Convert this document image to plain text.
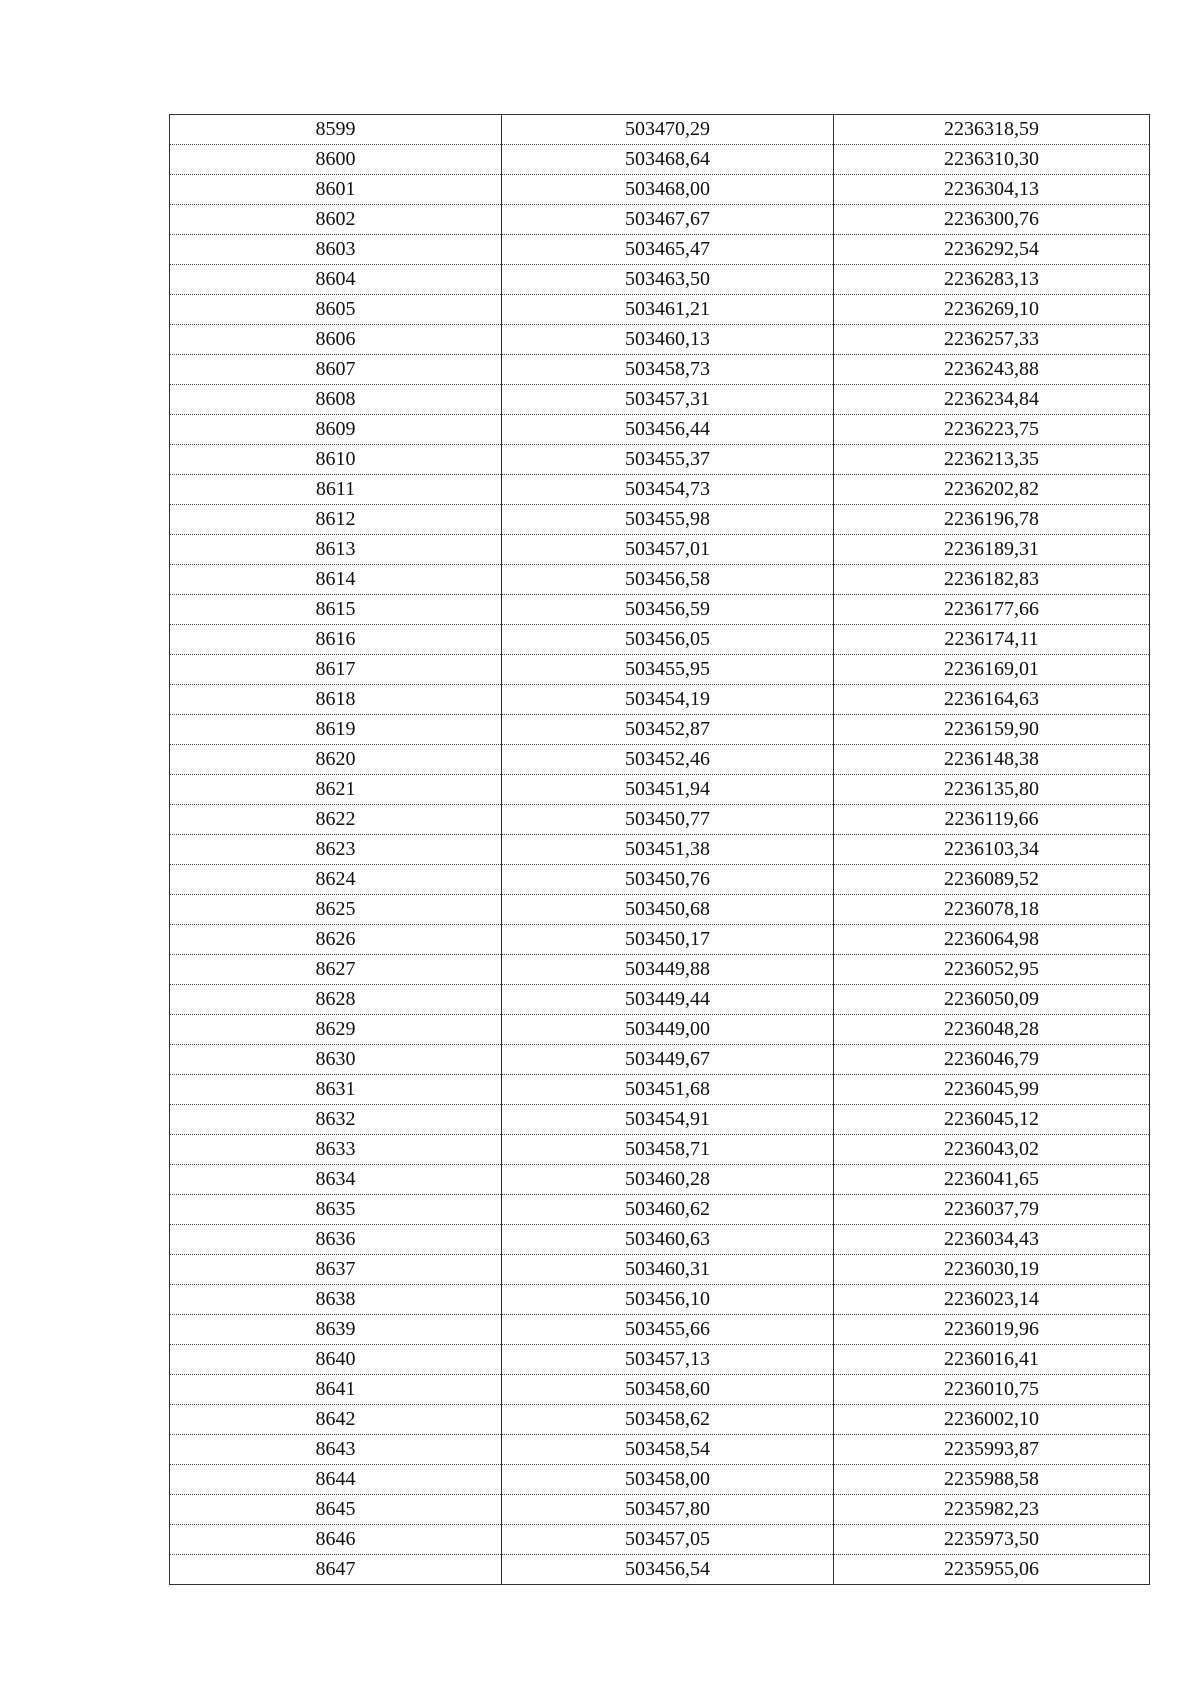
8599	503470,29	2236318,59
8600	503468,64	2236310,30
8601	503468,00	2236304,13
8602	503467,67	2236300,76
8603	503465,47	2236292,54
8604	503463,50	2236283,13
8605	503461,21	2236269,10
8606	503460,13	2236257,33
8607	503458,73	2236243,88
8608	503457,31	2236234,84
8609	503456,44	2236223,75
8610	503455,37	2236213,35
8611	503454,73	2236202,82
8612	503455,98	2236196,78
8613	503457,01	2236189,31
8614	503456,58	2236182,83
8615	503456,59	2236177,66
8616	503456,05	2236174,11
8617	503455,95	2236169,01
8618	503454,19	2236164,63
8619	503452,87	2236159,90
8620	503452,46	2236148,38
8621	503451,94	2236135,80
8622	503450,77	2236119,66
8623	503451,38	2236103,34
8624	503450,76	2236089,52
8625	503450,68	2236078,18
8626	503450,17	2236064,98
8627	503449,88	2236052,95
8628	503449,44	2236050,09
8629	503449,00	2236048,28
8630	503449,67	2236046,79
8631	503451,68	2236045,99
8632	503454,91	2236045,12
8633	503458,71	2236043,02
8634	503460,28	2236041,65
8635	503460,62	2236037,79
8636	503460,63	2236034,43
8637	503460,31	2236030,19
8638	503456,10	2236023,14
8639	503455,66	2236019,96
8640	503457,13	2236016,41
8641	503458,60	2236010,75
8642	503458,62	2236002,10
8643	503458,54	2235993,87
8644	503458,00	2235988,58
8645	503457,80	2235982,23
8646	503457,05	2235973,50
8647	503456,54	2235955,06
